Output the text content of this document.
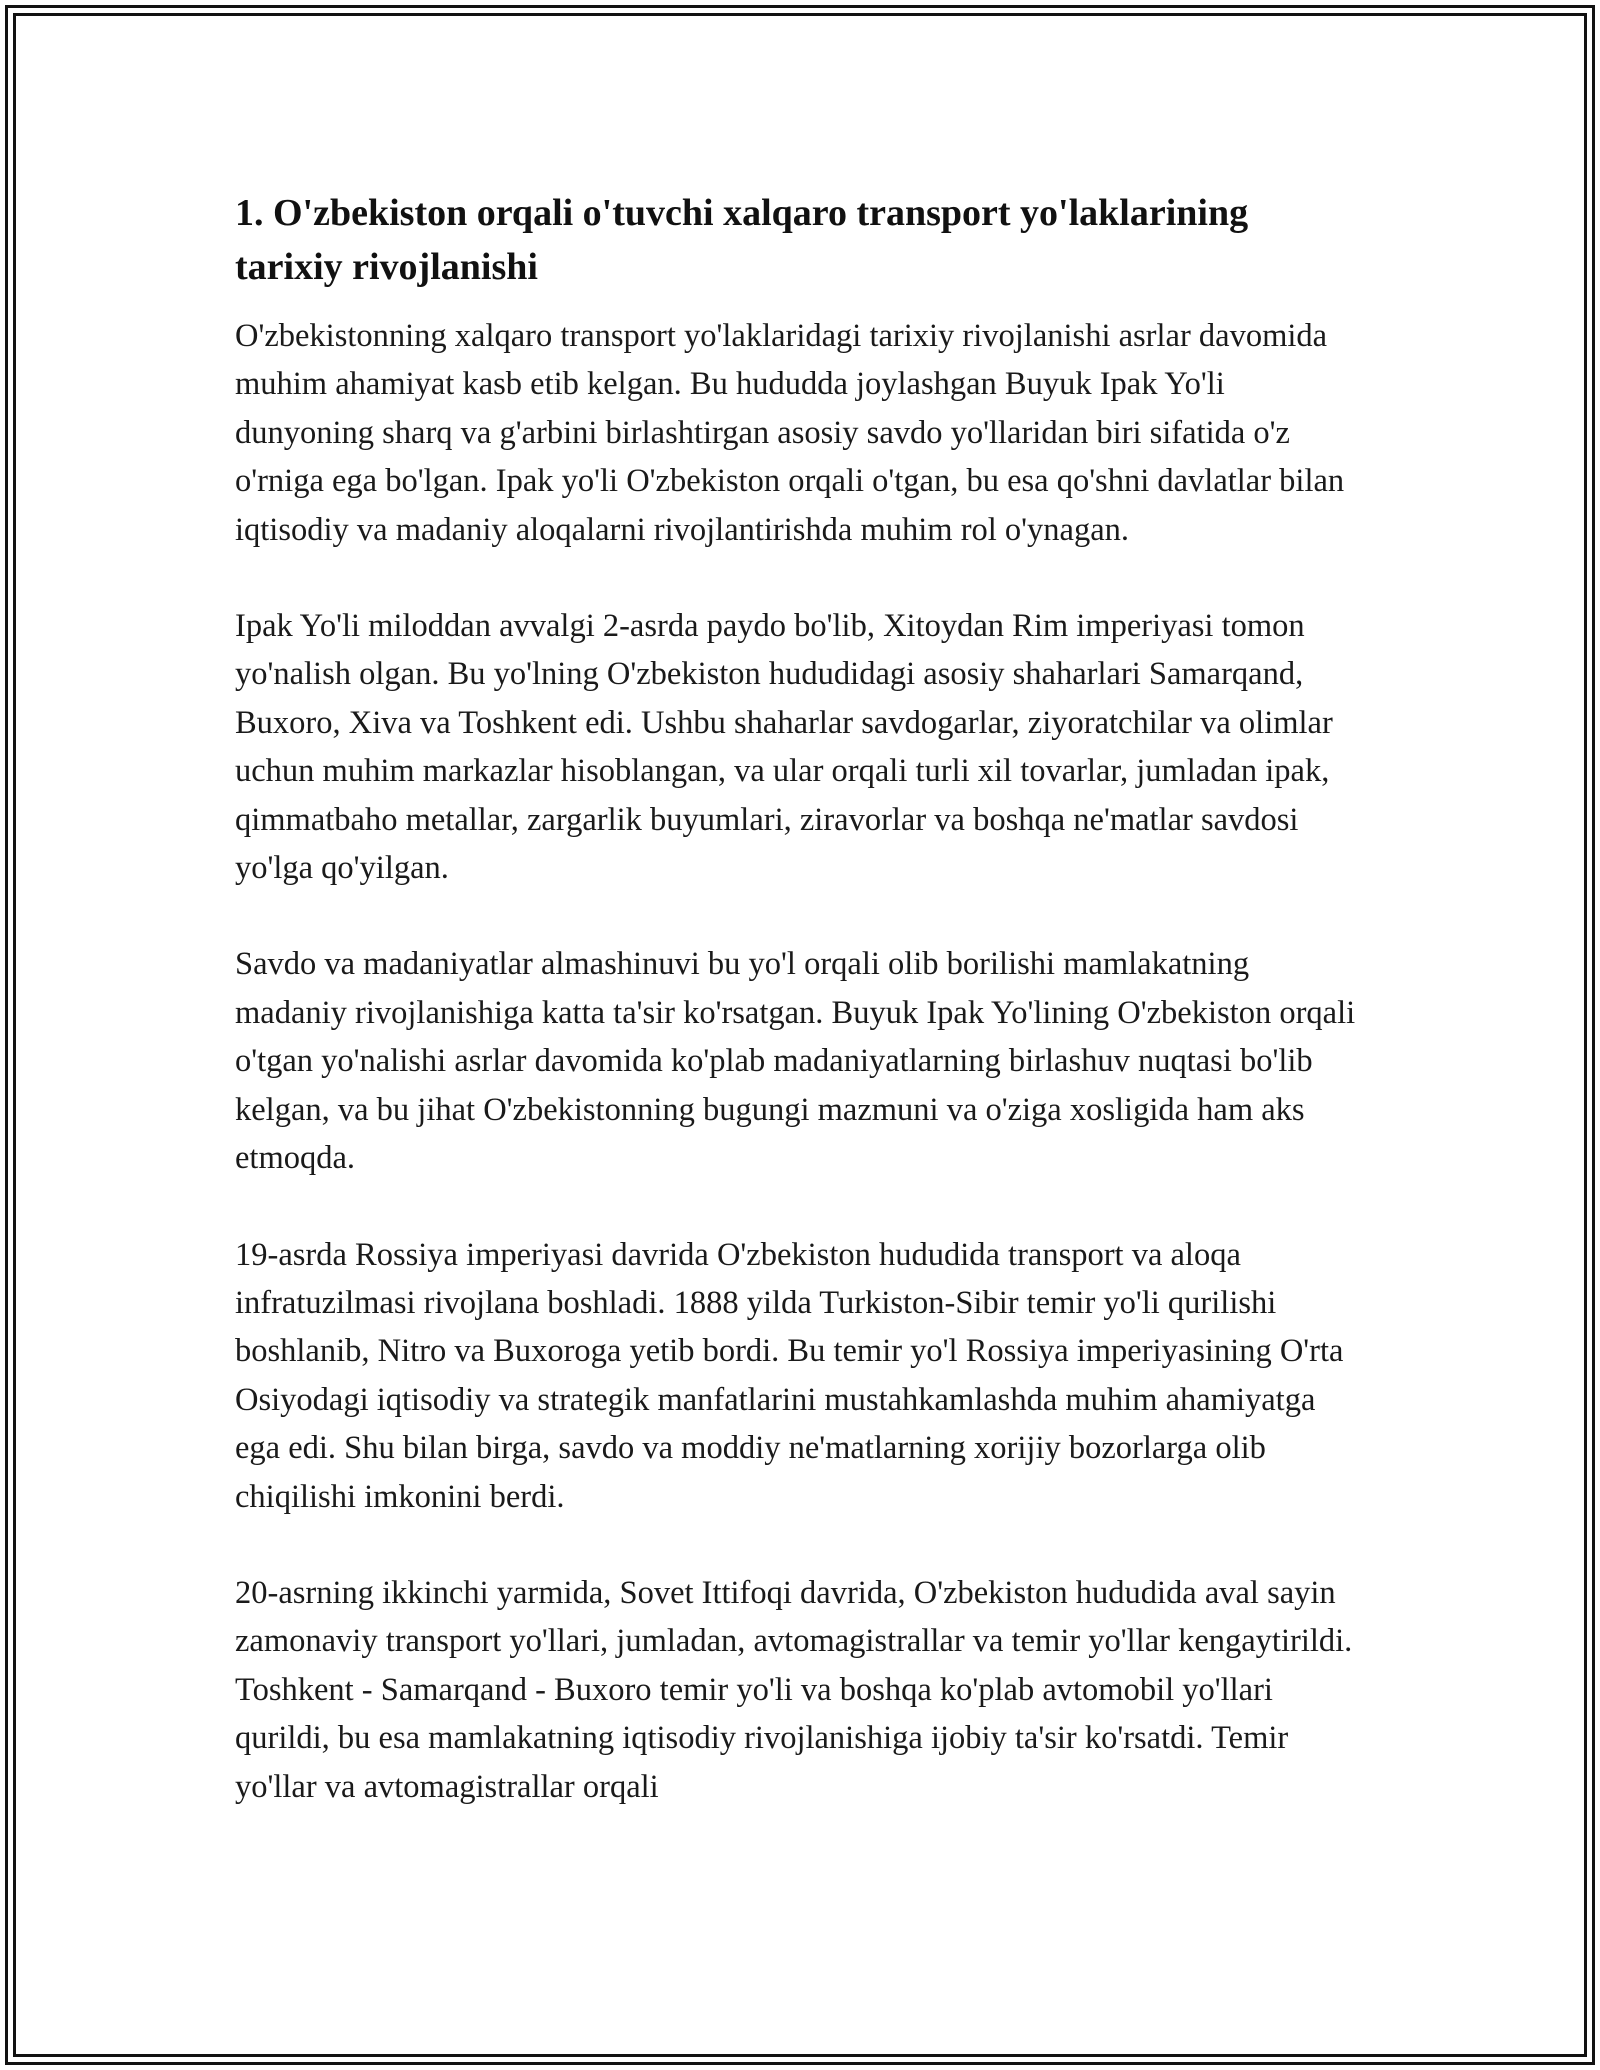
1. O'zbekiston orqali o'tuvchi xalqaro transport yo'laklarining tarixiy rivojlanishi

O'zbekistonning xalqaro transport yo'laklaridagi tarixiy rivojlanishi asrlar davomida muhim ahamiyat kasb etib kelgan. Bu hududda joylashgan Buyuk Ipak Yo'li dunyoning sharq va g'arbini birlashtirgan asosiy savdo yo'llaridan biri sifatida o'z o'rniga ega bo'lgan. Ipak yo'li O'zbekiston orqali o'tgan, bu esa qo'shni davlatlar bilan iqtisodiy va madaniy aloqalarni rivojlantirishda muhim rol o'ynagan.

Ipak Yo'li miloddan avvalgi 2-asrda paydo bo'lib, Xitoydan Rim imperiyasi tomon yo'nalish olgan. Bu yo'lning O'zbekiston hududidagi asosiy shaharlari Samarqand, Buxoro, Xiva va Toshkent edi. Ushbu shaharlar savdogarlar, ziyoratchilar va olimlar uchun muhim markazlar hisoblangan, va ular orqali turli xil tovarlar, jumladan ipak, qimmatbaho metallar, zargarlik buyumlari, ziravorlar va boshqa ne'matlar savdosi yo'lga qo'yilgan.

Savdo va madaniyatlar almashinuvi bu yo'l orqali olib borilishi mamlakatning madaniy rivojlanishiga katta ta'sir ko'rsatgan. Buyuk Ipak Yo'lining O'zbekiston orqali o'tgan yo'nalishi asrlar davomida ko'plab madaniyatlarning birlashuv nuqtasi bo'lib kelgan, va bu jihat O'zbekistonning bugungi mazmuni va o'ziga xosligida ham aks etmoqda.

19-asrda Rossiya imperiyasi davrida O'zbekiston hududida transport va aloqa infratuzilmasi rivojlana boshladi. 1888 yilda Turkiston-Sibir temir yo'li qurilishi boshlanib, Nitro va Buxoroga yetib bordi. Bu temir yo'l Rossiya imperiyasining O'rta Osiyodagi iqtisodiy va strategik manfatlarini mustahkamlashda muhim ahamiyatga ega edi. Shu bilan birga, savdo va moddiy ne'matlarning xorijiy bozorlarga olib chiqilishi imkonini berdi.

20-asrning ikkinchi yarmida, Sovet Ittifoqi davrida, O'zbekiston hududida aval sayin zamonaviy transport yo'llari, jumladan, avtomagistrallar va temir yo'llar kengaytirildi. Toshkent - Samarqand - Buxoro temir yo'li va boshqa ko'plab avtomobil yo'llari qurildi, bu esa mamlakatning iqtisodiy rivojlanishiga ijobiy ta'sir ko'rsatdi. Temir yo'llar va avtomagistrallar orqali
